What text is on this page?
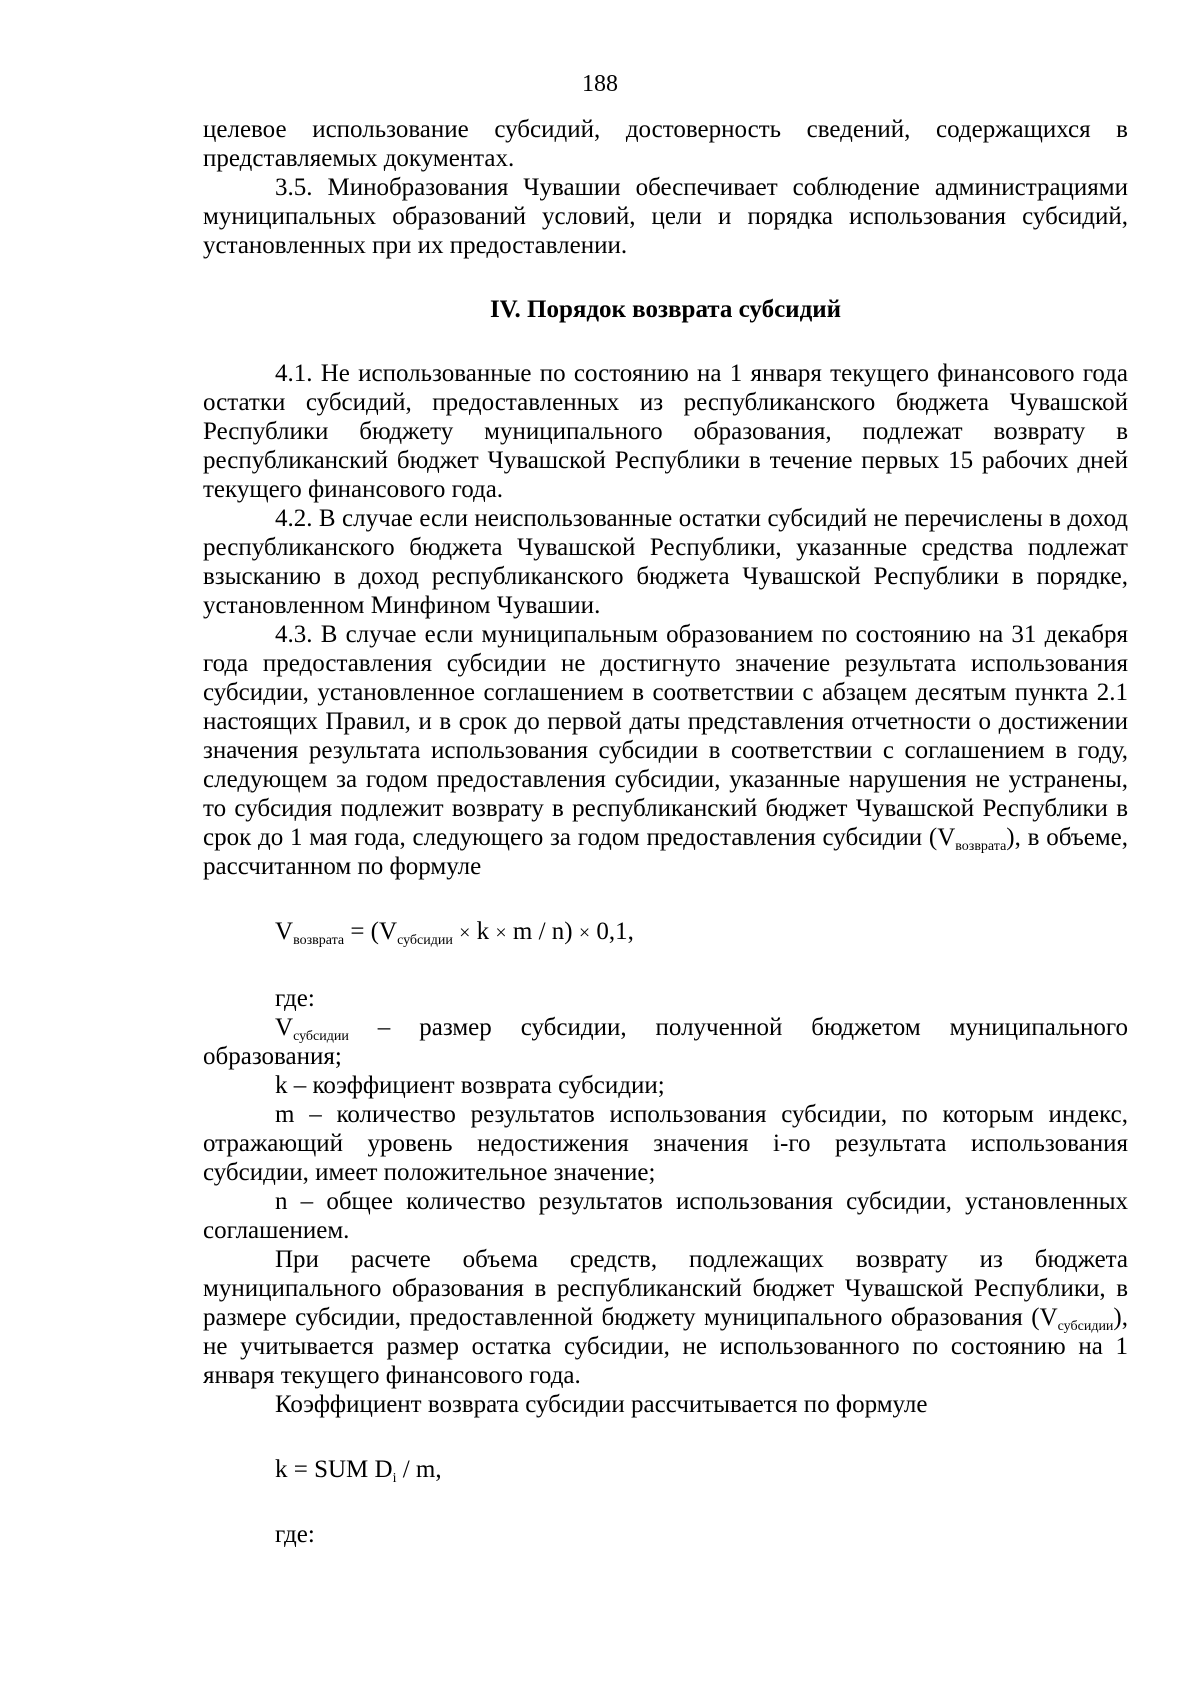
188

целевое использование субсидий, достоверность сведений, содержащихся в представляемых документах.

3.5. Минобразования Чувашии обеспечивает соблюдение администрациями муниципальных образований условий, цели и порядка использования субсидий, установленных при их предоставлении.

IV. Порядок возврата субсидий

4.1. Не использованные по состоянию на 1 января текущего финансового года остатки субсидий, предоставленных из республиканского бюджета Чувашской Республики бюджету муниципального образования, подлежат возврату в республиканский бюджет Чувашской Республики в течение первых 15 рабочих дней текущего финансового года.

4.2. В случае если неиспользованные остатки субсидий не перечислены в доход республиканского бюджета Чувашской Республики, указанные средства подлежат взысканию в доход республиканского бюджета Чувашской Республики в порядке, установленном Минфином Чувашии.

4.3. В случае если муниципальным образованием по состоянию на 31 декабря года предоставления субсидии не достигнуто значение результата использования субсидии, установленное соглашением в соответствии с абзацем десятым пункта 2.1 настоящих Правил, и в срок до первой даты представления отчетности о достижении значения результата использования субсидии в соответствии с соглашением в году, следующем за годом предоставления субсидии, указанные нарушения не устранены, то субсидия подлежит возврату в республиканский бюджет Чувашской Республики в срок до 1 мая года, следующего за годом предоставления субсидии $(V_{возврата})$, в объеме, рассчитанном по формуле

$V_{возврата} = (V_{субсидии} \times k \times m / n) \times 0,1$,

где:

$V_{субсидии}$ – размер субсидии, полученной бюджетом муниципального образования;

k – коэффициент возврата субсидии;

m – количество результатов использования субсидии, по которым индекс, отражающий уровень недостижения значения i-го результата использования субсидии, имеет положительное значение;

n – общее количество результатов использования субсидии, установленных соглашением.

При расчете объема средств, подлежащих возврату из бюджета муниципального образования в республиканский бюджет Чувашской Республики, в размере субсидии, предоставленной бюджету муниципального образования $(V_{субсидии})$, не учитывается размер остатка субсидии, не использованного по состоянию на 1 января текущего финансового года.

Коэффициент возврата субсидии рассчитывается по формуле

k = SUM $D_i$ / m,

где:
